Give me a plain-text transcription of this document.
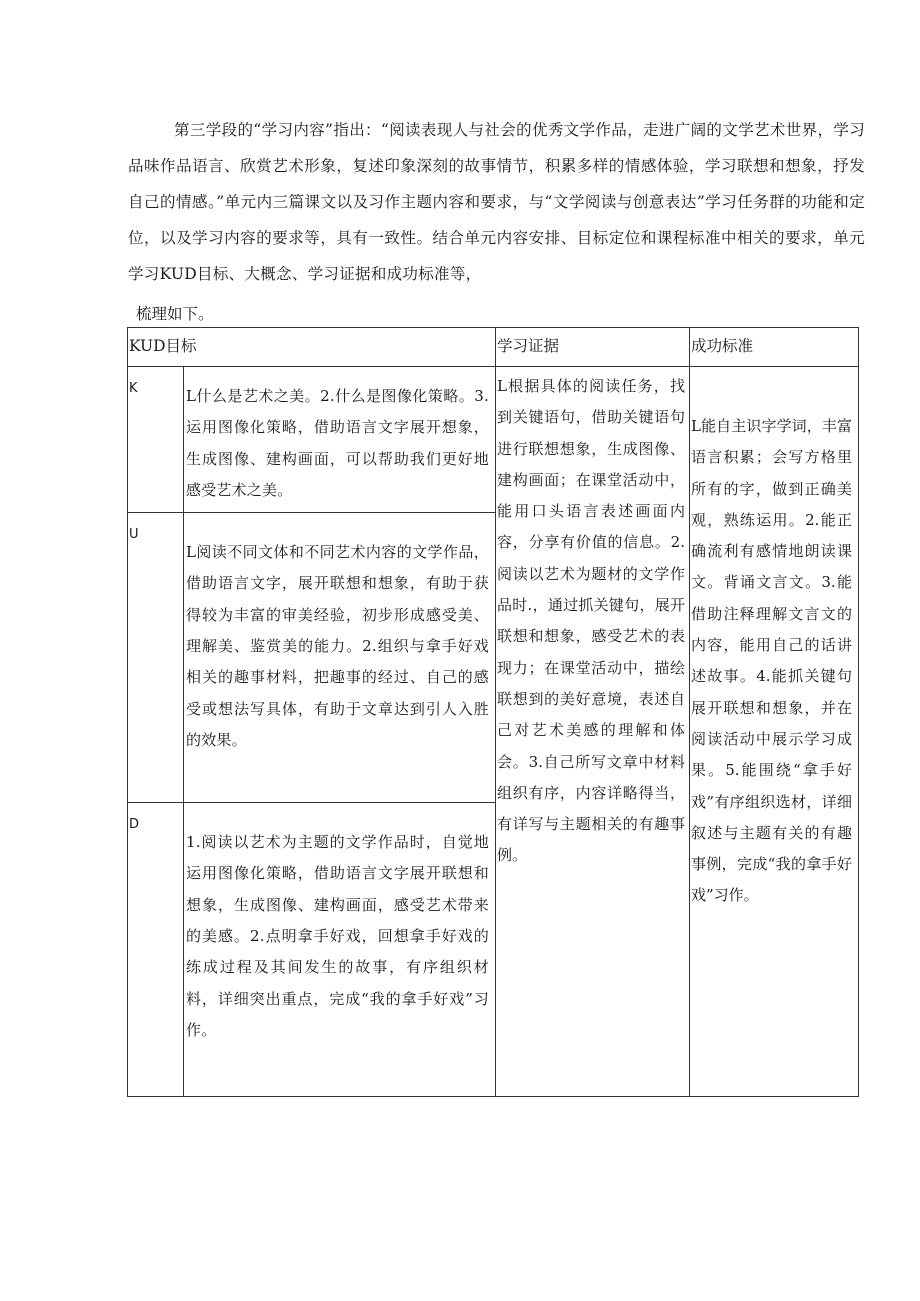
第三学段的“学习内容”指出：“阅读表现人与社会的优秀文学作品，走进广阔的文学艺术世界，学习品味作品语言、欣赏艺术形象，复述印象深刻的故事情节，积累多样的情感体验，学习联想和想象，抒发自己的情感。”单元内三篇课文以及习作主题内容和要求，与“文学阅读与创意表达”学习任务群的功能和定位，以及学习内容的要求等，具有一致性。结合单元内容安排、目标定位和课程标准中相关的要求，单元学习KUD目标、大概念、学习证据和成功标准等，

梳理如下。

KUD目标		学习证据	成功标准

K	L什么是艺术之美。2.什么是图像化策略。3.运用图像化策略，借助语言文字展开想象，生成图像、建构画面，可以帮助我们更好地感受艺术之美。	L根据具体的阅读任务，找到关键语句，借助关键语句进行联想想象，生成图像、建构画面；在课堂活动中，能用口头语言表述画面内容，分享有价值的信息。2.阅读以艺术为题材的文学作品时.，通过抓关键句，展开联想和想象，感受艺术的表现力；在课堂活动中，描绘联想到的美好意境，表述自己对艺术美感的理解和体会。3.自己所写文章中材料组织有序，内容详略得当，有详写与主题相关的有趣事例。	L能自主识字学词，丰富语言积累；会写方格里所有的字，做到正确美观，熟练运用。2.能正确流利有感情地朗读课文。背诵文言文。3.能借助注释理解文言文的内容，能用自己的话讲述故事。4.能抓关键句展开联想和想象，并在阅读活动中展示学习成果。5.能围绕“拿手好戏”有序组织选材，详细叙述与主题有关的有趣事例，完成“我的拿手好戏”习作。
U	L阅读不同文体和不同艺术内容的文学作品，借助语言文字，展开联想和想象，有助于获得较为丰富的审美经验，初步形成感受美、理解美、鉴赏美的能力。2.组织与拿手好戏相关的趣事材料，把趣事的经过、自己的感受或想法写具体，有助于文章达到引人入胜的效果。		
D	1.阅读以艺术为主题的文学作品时，自觉地运用图像化策略，借助语言文字展开联想和想象，生成图像、建构画面，感受艺术带来的美感。2.点明拿手好戏，回想拿手好戏的练成过程及其间发生的故事，有序组织材料，详细突出重点，完成“我的拿手好戏”习作。		
